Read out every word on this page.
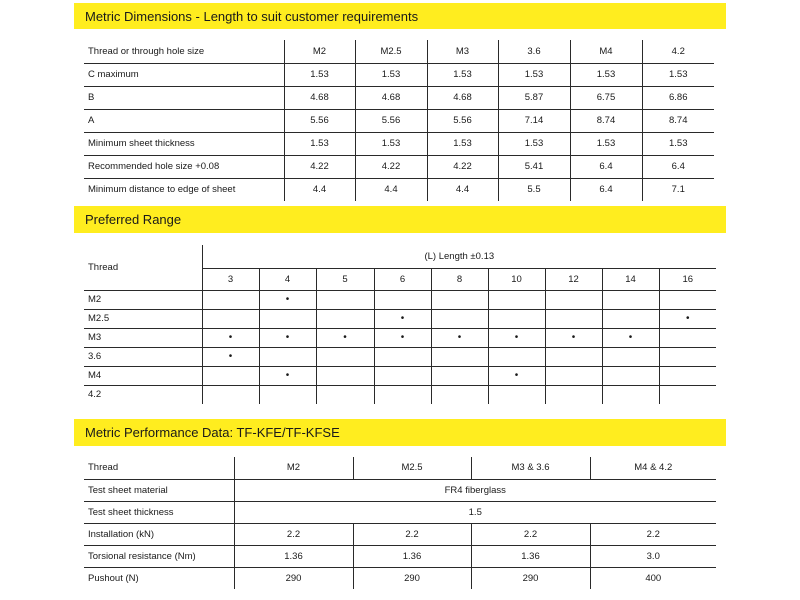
Metric Dimensions - Length to suit customer requirements
Thread or through hole size	M2	M2.5	M3	3.6	M4	4.2
C maximum	1.53	1.53	1.53	1.53	1.53	1.53
B	4.68	4.68	4.68	5.87	6.75	6.86
A	5.56	5.56	5.56	7.14	8.74	8.74
Minimum sheet thickness	1.53	1.53	1.53	1.53	1.53	1.53
Recommended hole size +0.08	4.22	4.22	4.22	5.41	6.4	6.4
Minimum distance to edge of sheet	4.4	4.4	4.4	5.5	6.4	7.1
Preferred Range
Thread	(L) Length ±0.13								
	3	4	5	6	8	10	12	14	16
M2		•							
M2.5				•					•
M3	•	•	•	•	•	•	•	•	
3.6	•								
M4		•				•			
4.2									
Metric Performance Data: TF-KFE/TF-KFSE
Thread	M2	M2.5	M3 & 3.6	M4 & 4.2
Test sheet material	FR4 fiberglass			
Test sheet thickness	1.5			
Installation (kN)	2.2	2.2	2.2	2.2
Torsional resistance (Nm)	1.36	1.36	1.36	3.0
Pushout (N)	290	290	290	400
